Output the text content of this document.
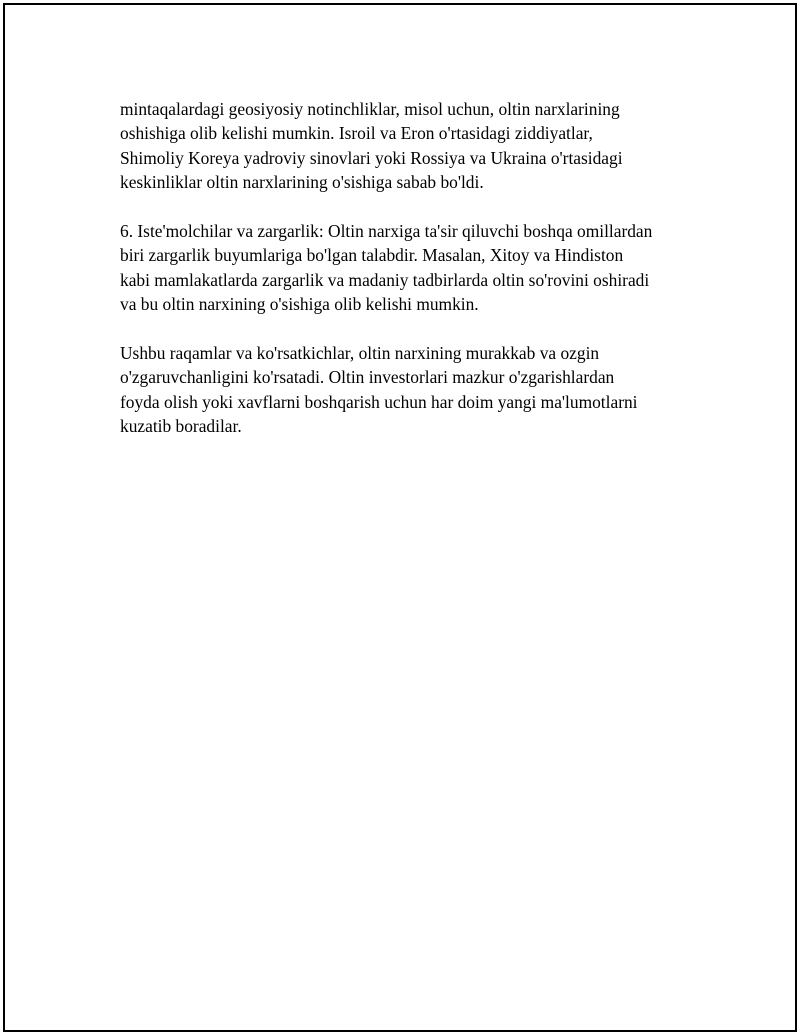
mintaqalardagi geosiyosiy notinchliklar, misol uchun, oltin narxlarining
oshishiga olib kelishi mumkin. Isroil va Eron o'rtasidagi ziddiyatlar,
Shimoliy Koreya yadroviy sinovlari yoki Rossiya va Ukraina o'rtasidagi
keskinliklar oltin narxlarining o'sishiga sabab bo'ldi.

6. Iste'molchilar va zargarlik: Oltin narxiga ta'sir qiluvchi boshqa omillardan
biri zargarlik buyumlariga bo'lgan talabdir. Masalan, Xitoy va Hindiston
kabi mamlakatlarda zargarlik va madaniy tadbirlarda oltin so'rovini oshiradi
va bu oltin narxining o'sishiga olib kelishi mumkin.

Ushbu raqamlar va ko'rsatkichlar, oltin narxining murakkab va ozgin
o'zgaruvchanligini ko'rsatadi. Oltin investorlari mazkur o'zgarishlardan
foyda olish yoki xavflarni boshqarish uchun har doim yangi ma'lumotlarni
kuzatib boradilar.
